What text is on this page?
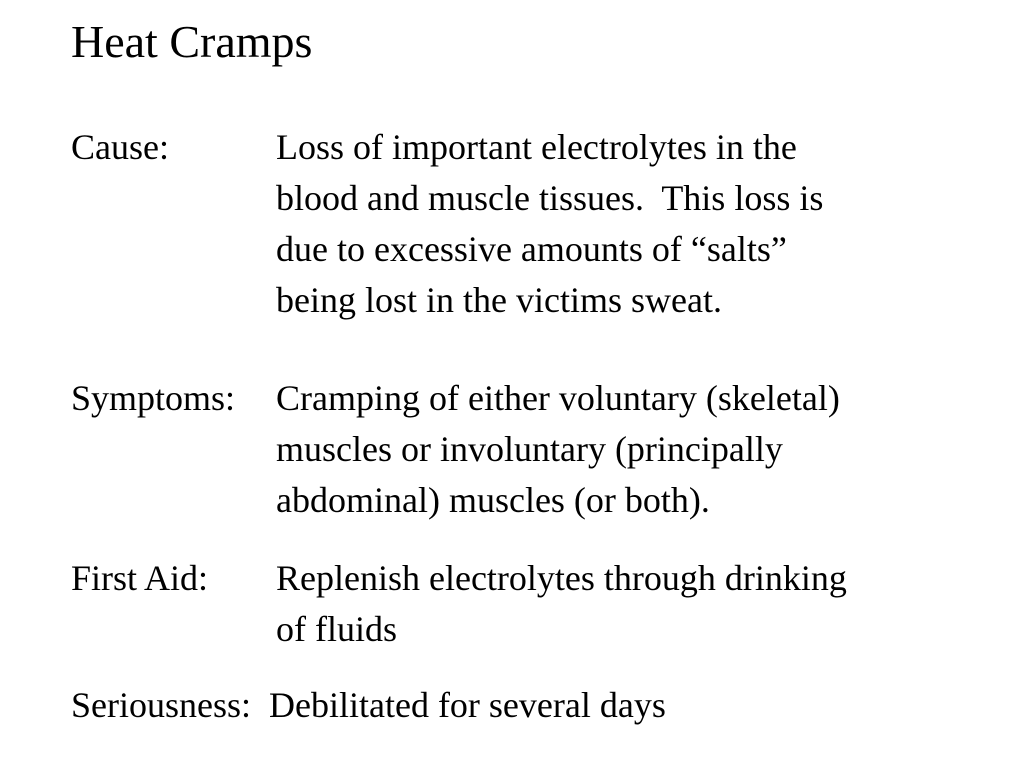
Heat Cramps
Cause:	Loss of important electrolytes in the
blood and muscle tissues.  This loss is
due to excessive amounts of “salts”
being lost in the victims sweat.
Symptoms: Cramping of either voluntary (skeletal)
muscles or involuntary (principally
abdominal) muscles (or both).
First Aid: Replenish electrolytes through drinking
of fluids
Seriousness: Debilitated for several days
